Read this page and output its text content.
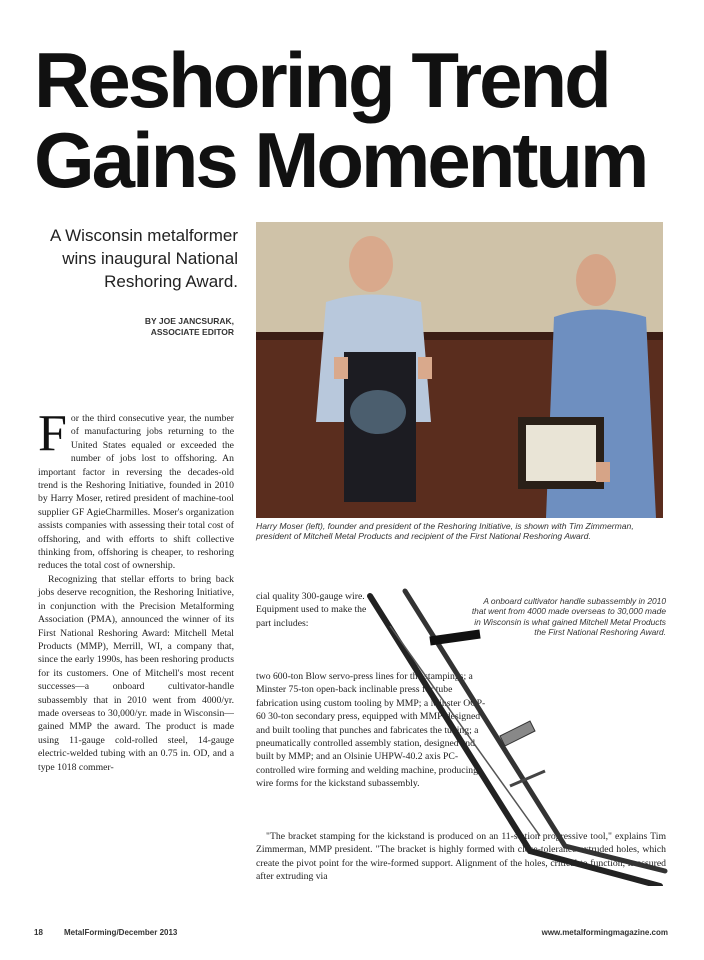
Reshoring Trend
Gains Momentum
A Wisconsin metalformer wins inaugural National Reshoring Award.
BY JOE JANCSURAK,
ASSOCIATE EDITOR
Harry Moser (left), founder and president of the Reshoring Initiative, is shown with Tim Zimmerman, president of Mitchell Metal Products and recipient of the First National Reshoring Award.
F or the third consecutive year, the number of manufacturing jobs returning to the United States equaled or exceeded the number of jobs lost to offshoring. An important factor in reversing the decades-old trend is the Reshoring Initiative, founded in 2010 by Harry Moser, retired president of machine-tool supplier GF AgieCharmilles. Moser's organization assists companies with assessing their total cost of offshoring, and with efforts to shift collective thinking from, offshoring is cheaper, to reshoring reduces the total cost of ownership.

Recognizing that stellar efforts to bring back jobs deserve recognition, the Reshoring Initiative, in conjunction with the Precision Metalforming Association (PMA), announced the winner of its First National Reshoring Award: Mitchell Metal Products (MMP), Merrill, WI, a company that, since the early 1990s, has been reshoring products for its customers. One of Mitchell's most recent successes—a onboard cultivator-handle subassembly that in 2010 went from 4000/yr. made overseas to 30,000/yr. made in Wisconsin—gained MMP the award. The product is made using 11-gauge cold-rolled steel, 14-gauge electric-welded tubing with an 0.75 in. OD, and a type 1018 commer-

cial quality 300-gauge wire. Equipment used to make the part includes:
two 600-ton Blow servo-press lines for the stampings; a Minster 75-ton open-back inclinable press for tube fabrication using custom tooling by MMP; a Minster OCP-60 30-ton secondary press, equipped with MMP-designed and built tooling that punches and fabricates the tubing; a pneumatically controlled assembly station, designed and built by MMP; and an Olsinie UHPW-40.2 axis PC-controlled wire forming and welding machine, producing wire forms for the kickstand subassembly.

"The bracket stamping for the kickstand is produced on an 11-station progressive tool," explains Tim Zimmerman, MMP president. "The bracket is highly formed with close-tolerance extruded holes, which create the pivot point for the wire-formed support. Alignment of the holes, critical to function, is assured after extruding via

A onboard cultivator handle subassembly in 2010 that went from 4000 made overseas to 30,000 made in Wisconsin is what gained Mitchell Metal Products the First National Reshoring Award.
18	MetalForming/December 2013	www.metalformingmagazine.com
